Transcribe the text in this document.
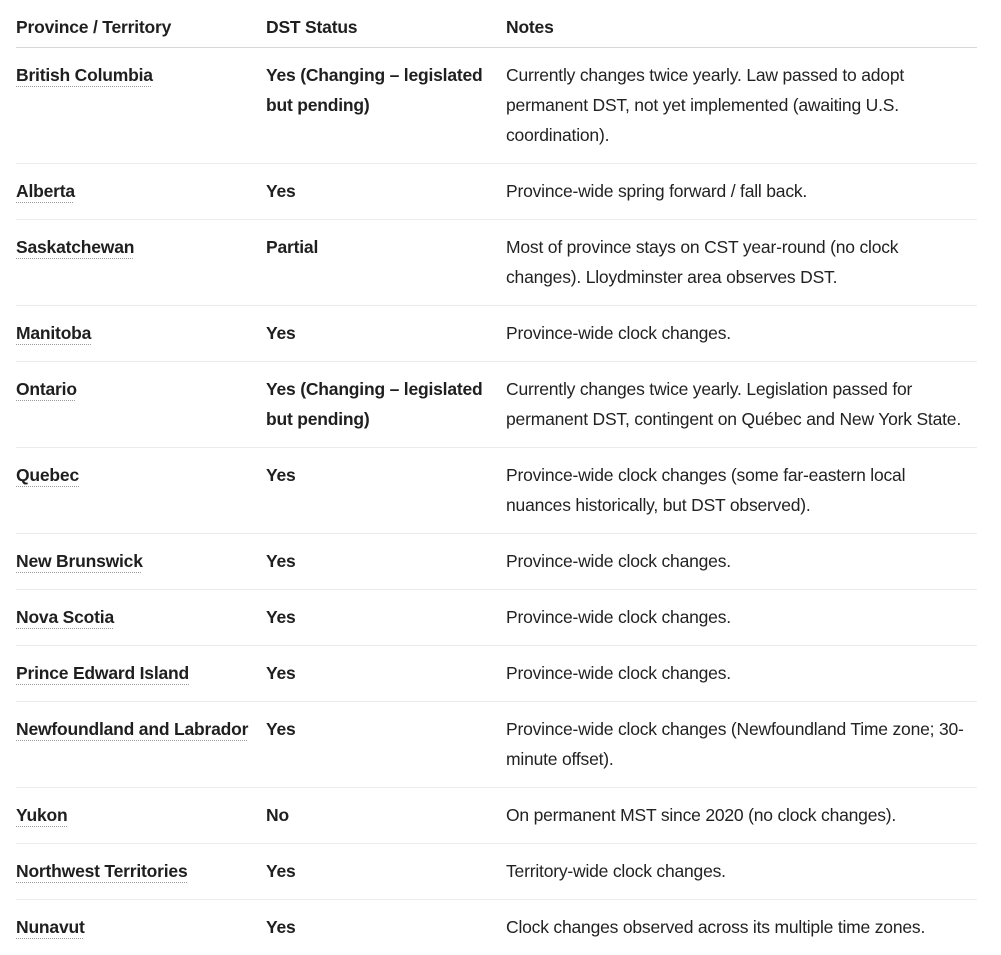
Province / Territory	DST Status	Notes

British Columbia	Yes (Changing – legislated but pending)	Currently changes twice yearly. Law passed to adopt permanent DST, not yet implemented (awaiting U.S. coordination).

Alberta	Yes	Province-wide spring forward / fall back.

Saskatchewan	Partial	Most of province stays on CST year-round (no clock changes). Lloydminster area observes DST.

Manitoba	Yes	Province-wide clock changes.

Ontario	Yes (Changing – legislated but pending)	Currently changes twice yearly. Legislation passed for permanent DST, contingent on Québec and New York State.

Quebec	Yes	Province-wide clock changes (some far-eastern local nuances historically, but DST observed).

New Brunswick	Yes	Province-wide clock changes.

Nova Scotia	Yes	Province-wide clock changes.

Prince Edward Island	Yes	Province-wide clock changes.

Newfoundland and Labrador	Yes	Province-wide clock changes (Newfoundland Time zone; 30-minute offset).

Yukon	No	On permanent MST since 2020 (no clock changes).

Northwest Territories	Yes	Territory-wide clock changes.

Nunavut	Yes	Clock changes observed across its multiple time zones.
